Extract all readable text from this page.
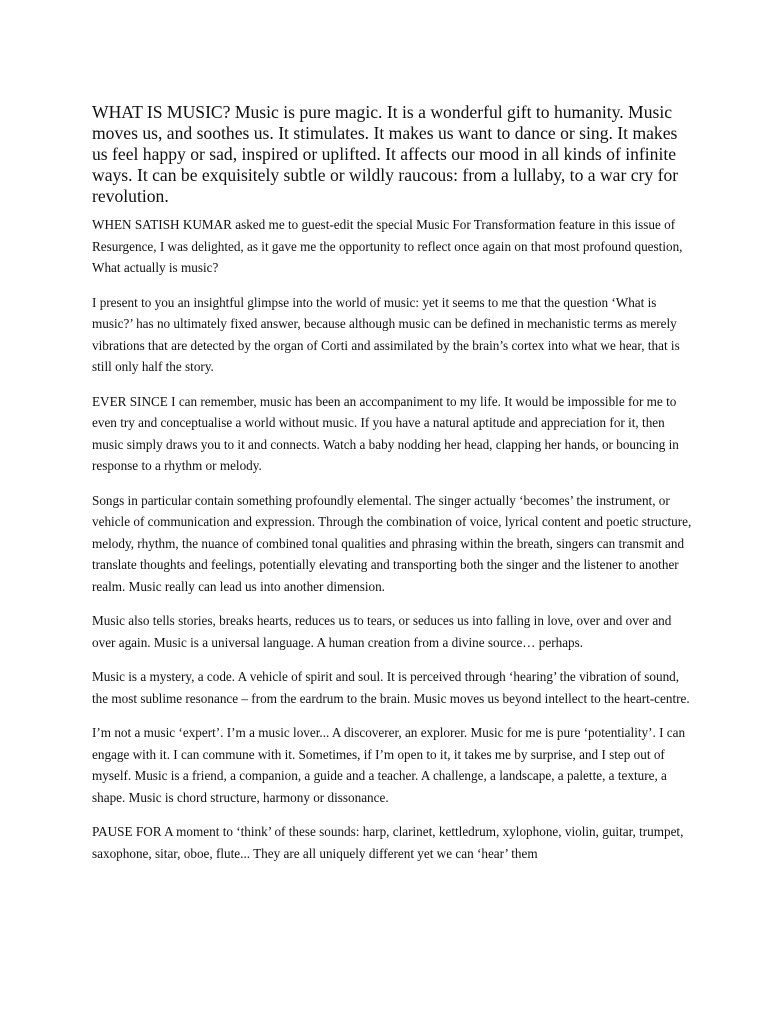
WHAT IS MUSIC? Music is pure magic. It is a wonderful gift to humanity. Music moves us, and soothes us. It stimulates. It makes us want to dance or sing. It makes us feel happy or sad, inspired or uplifted. It affects our mood in all kinds of infinite ways. It can be exquisitely subtle or wildly raucous: from a lullaby, to a war cry for revolution.

WHEN SATISH KUMAR asked me to guest-edit the special Music For Transformation feature in this issue of Resurgence, I was delighted, as it gave me the opportunity to reflect once again on that most profound question, What actually is music?

I present to you an insightful glimpse into the world of music: yet it seems to me that the question ‘What is music?’ has no ultimately fixed answer, because although music can be defined in mechanistic terms as merely vibrations that are detected by the organ of Corti and assimilated by the brain’s cortex into what we hear, that is still only half the story.

EVER SINCE I can remember, music has been an accompaniment to my life. It would be impossible for me to even try and conceptualise a world without music. If you have a natural aptitude and appreciation for it, then music simply draws you to it and connects. Watch a baby nodding her head, clapping her hands, or bouncing in response to a rhythm or melody.

Songs in particular contain something profoundly elemental. The singer actually ‘becomes’ the instrument, or vehicle of communication and expression. Through the combination of voice, lyrical content and poetic structure, melody, rhythm, the nuance of combined tonal qualities and phrasing within the breath, singers can transmit and translate thoughts and feelings, potentially elevating and transporting both the singer and the listener to another realm. Music really can lead us into another dimension.

Music also tells stories, breaks hearts, reduces us to tears, or seduces us into falling in love, over and over and over again. Music is a universal language. A human creation from a divine source… perhaps.

Music is a mystery, a code. A vehicle of spirit and soul. It is perceived through ‘hearing’ the vibration of sound, the most sublime resonance – from the eardrum to the brain. Music moves us beyond intellect to the heart-centre.

I’m not a music ‘expert’. I’m a music lover... A discoverer, an explorer. Music for me is pure ‘potentiality’. I can engage with it. I can commune with it. Sometimes, if I’m open to it, it takes me by surprise, and I step out of myself. Music is a friend, a companion, a guide and a teacher. A challenge, a landscape, a palette, a texture, a shape. Music is chord structure, harmony or dissonance.

PAUSE FOR A moment to ‘think’ of these sounds: harp, clarinet, kettledrum, xylophone, violin, guitar, trumpet, saxophone, sitar, oboe, flute... They are all uniquely different yet we can ‘hear’ them
